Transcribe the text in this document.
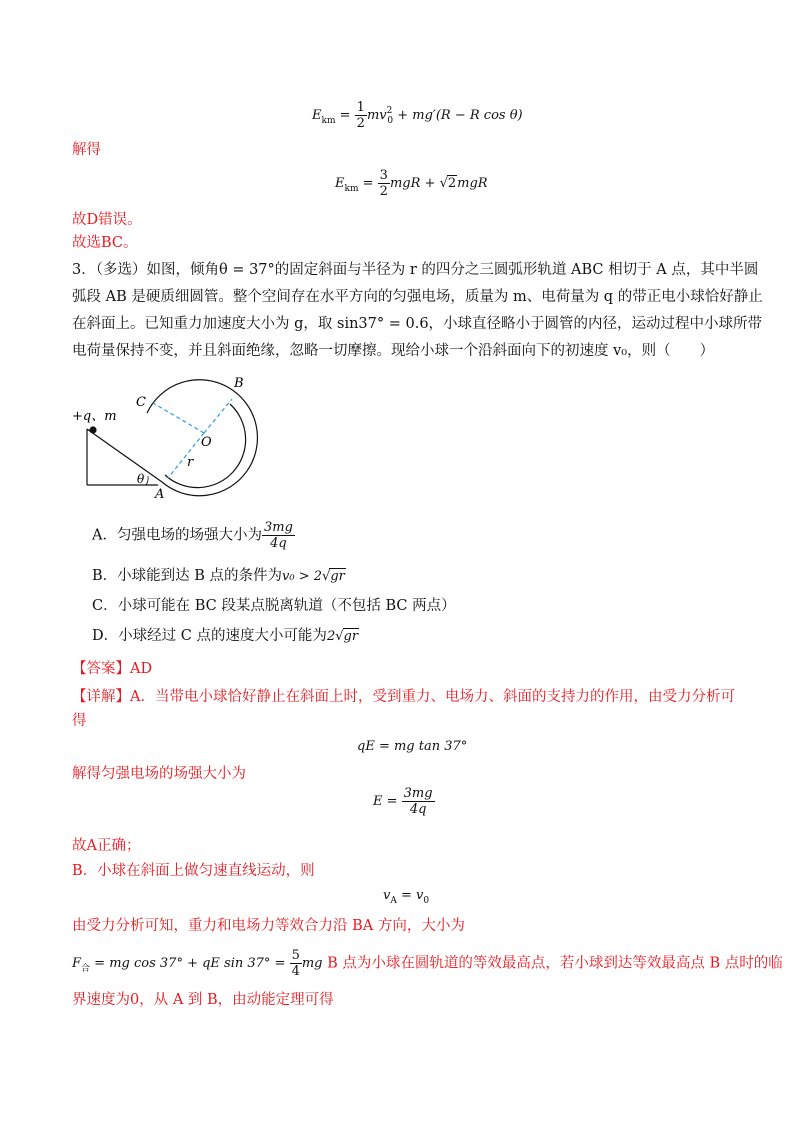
$E_{km} = \frac{1}{2} mv^2_0 + mg'(R - R$ cos θ)
解得
$E_{km} = \frac{3}{2}$ mgR + √2mgR
故D错误。
故选BC。
3．（多选）如图，倾角θ = 37°的固定斜面与半径为 r 的四分之三圆弧形轨道 ABC 相切于 A 点，其中半圆
弧段 AB 是硬质细圆管。整个空间存在水平方向的匀强电场，质量为 m、电荷量为 q 的带正电小球恰好静止
在斜面上。已知重力加速度大小为 g，取 sin37° = 0.6，小球直径略小于圆管的内径，运动过程中小球所带
电荷量保持不变，并且斜面绝缘，忽略一切摩擦。现给小球一个沿斜面向下的初速度 v₀，则（　　）
+q、m
C
B
O
r
θ
A
A．匀强电场的场强大小为 $\frac{3mg}{4q}$
B．小球能到达 B 点的条件为v₀ > 2√gr
C．小球可能在 BC 段某点脱离轨道（不包括 BC 两点）
D．小球经过 C 点的速度大小可能为2√gr
【答案】AD
【详解】A．当带电小球恰好静止在斜面上时，受到重力、电场力、斜面的支持力的作用，由受力分析可
得
qE = mg tan 37°
解得匀强电场的场强大小为
$E = \frac{3mg}{4q}$
故A正确；
B．小球在斜面上做匀速直线运动，则
$v_A = v_0$
由受力分析可知，重力和电场力等效合力沿 BA 方向，大小为
$F_合$ = mg cos 37° + qE $\sin 37^\circ = \frac{5}{4}$ mg B 点为小球在圆轨道的等效最高点，若小球到达等效最高点 B 点时的临
界速度为0，从 A 到 B，由动能定理可得
